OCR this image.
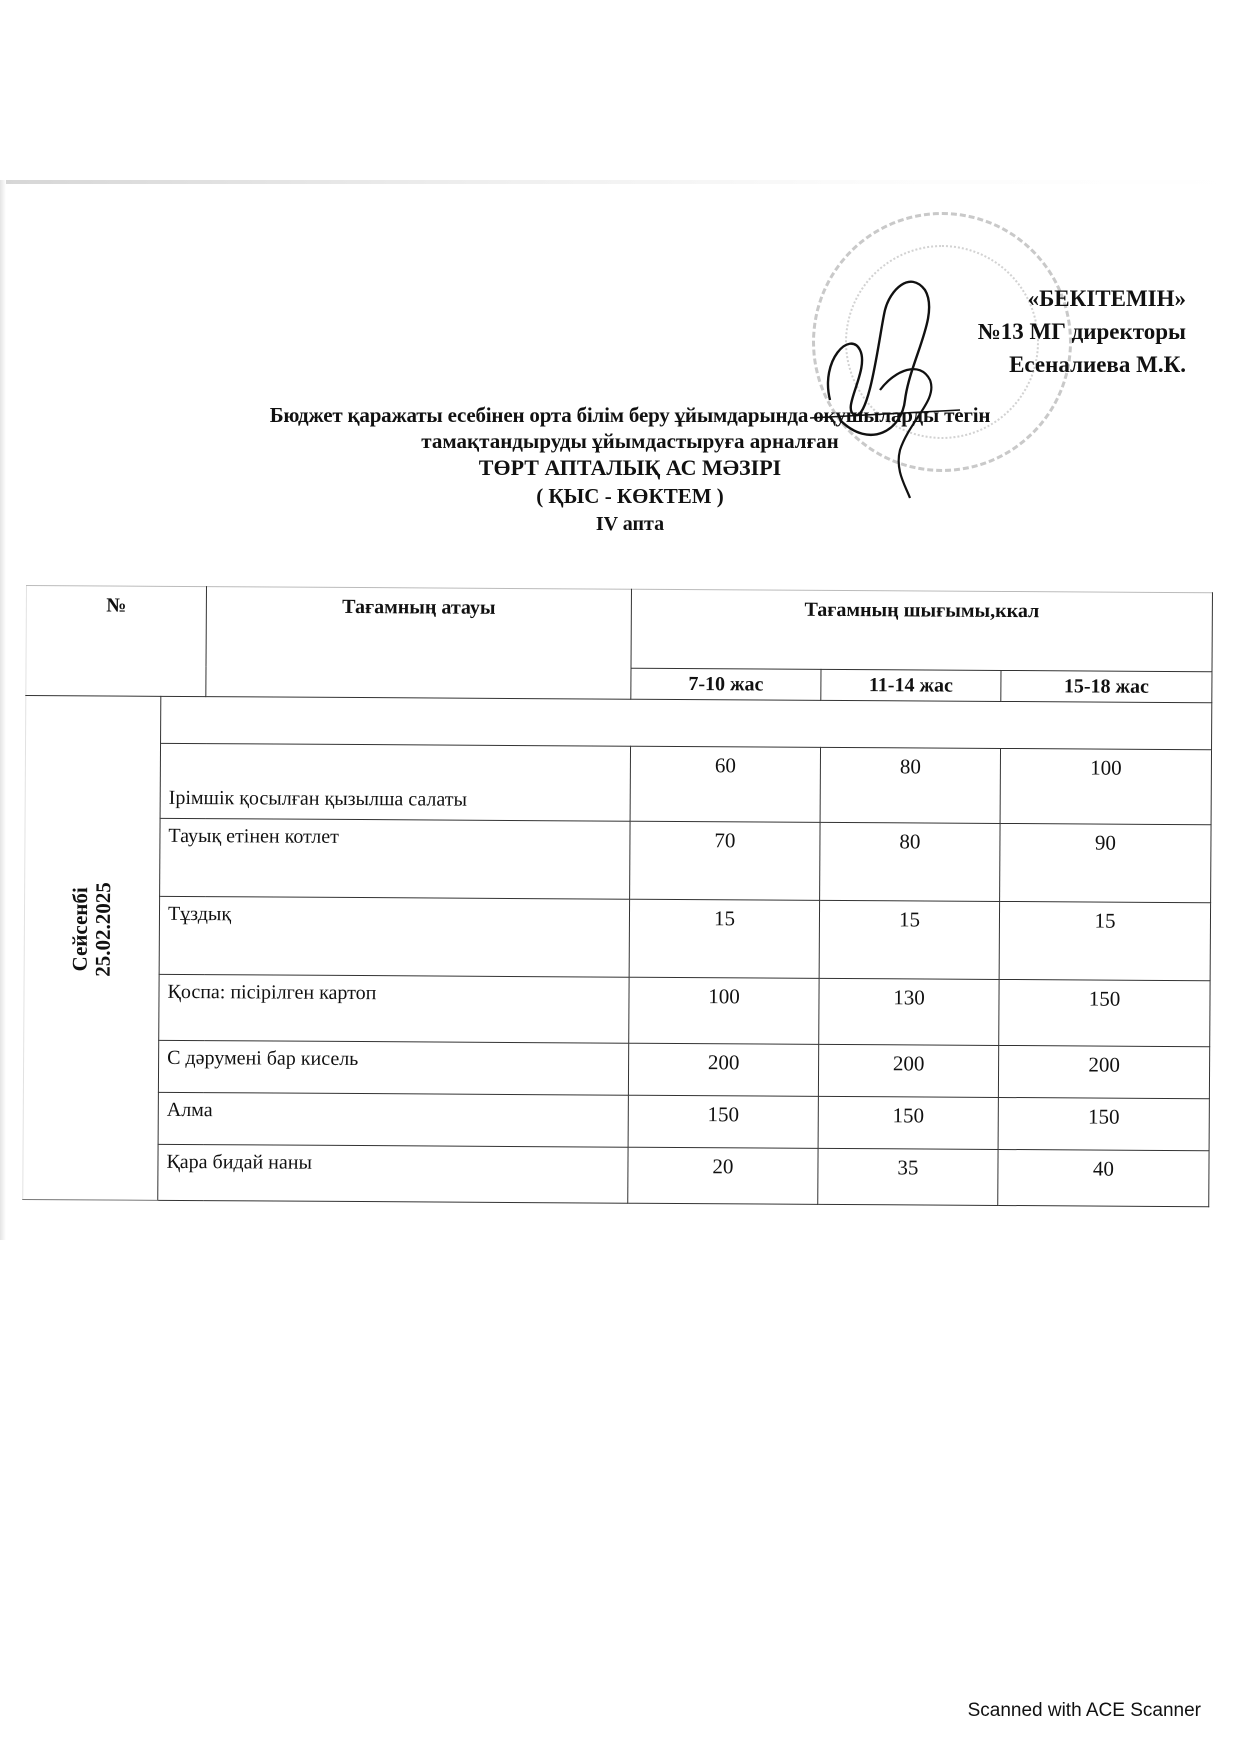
«БЕКІТЕМІН»
№13 МГ директоры
Есеналиева М.К.
Бюджет қаражаты есебінен орта білім беру ұйымдарында оқушыларды тегін
тамақтандыруды ұйымдастыруға арналған
ТӨРТ АПТАЛЫҚ АС МӘЗІРІ
( ҚЫС - КӨКТЕМ )
IV апта
№		Тағамның атауы	Тағамның шығымы,ккал		
			7-10 жас	11-14 жас	15-18 жас

Сейсенбі
25.02.2025					

	Ірімшік қосылған қызылша салаты		60	80	100
	Тауық етінен котлет		70	80	90
	Тұздық		15	15	15
	Қоспа: пісірілген картоп		100	130	150
	С дәрумені бар кисель		200	200	200
	Алма		150	150	150
	Қара бидай наны		20	35	40
Scanned with ACE Scanner
